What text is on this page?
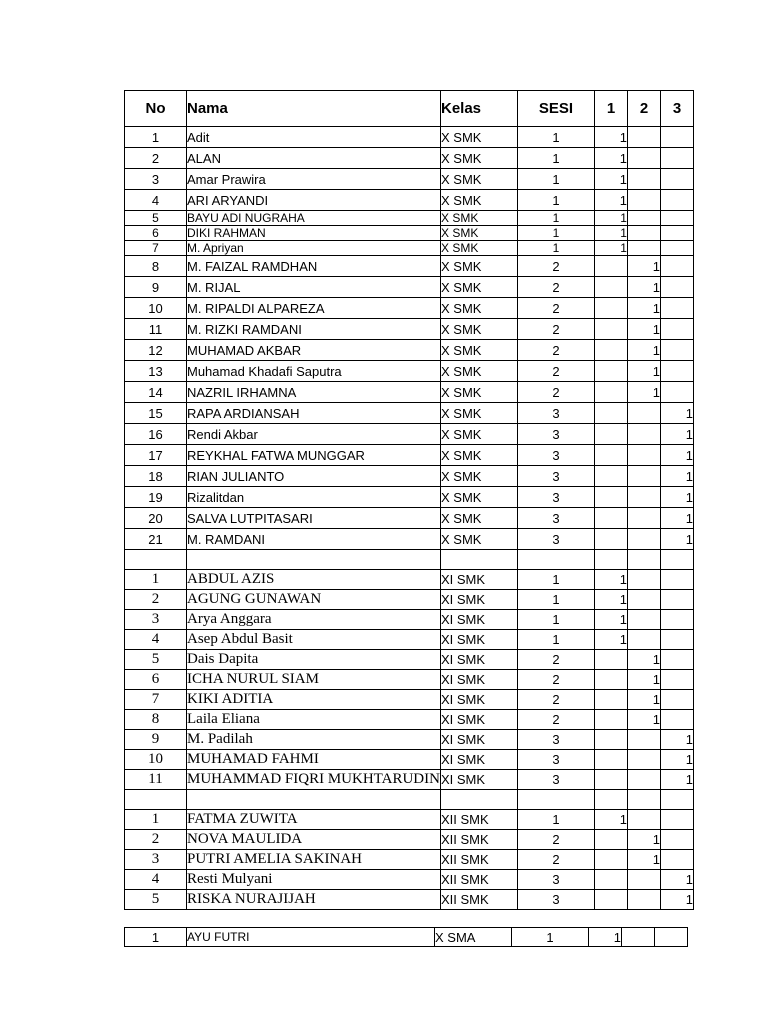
No	Nama	Kelas	SESI	1	2	3
1	Adit	X SMK	1	1		
2	ALAN	X SMK	1	1		
3	Amar Prawira	X SMK	1	1		
4	ARI ARYANDI	X SMK	1	1		
5	BAYU ADI NUGRAHA	X SMK	1	1		
6	DIKI RAHMAN	X SMK	1	1		
7	M. Apriyan	X SMK	1	1		
8	M. FAIZAL RAMDHAN	X SMK	2		1	
9	M. RIJAL	X SMK	2		1	
10	M. RIPALDI ALPAREZA	X SMK	2		1	
11	M. RIZKI RAMDANI	X SMK	2		1	
12	MUHAMAD AKBAR	X SMK	2		1	
13	Muhamad Khadafi Saputra	X SMK	2		1	
14	NAZRIL IRHAMNA	X SMK	2		1	
15	RAPA ARDIANSAH	X SMK	3			1
16	Rendi Akbar	X SMK	3			1
17	REYKHAL FATWA MUNGGAR	X SMK	3			1
18	RIAN JULIANTO	X SMK	3			1
19	Rizalitdan	X SMK	3			1
20	SALVA LUTPITASARI	X SMK	3			1
21	M. RAMDANI	X SMK	3			1

1	ABDUL AZIS	XI SMK	1	1		
2	AGUNG GUNAWAN	XI SMK	1	1		
3	Arya Anggara	XI SMK	1	1		
4	Asep Abdul Basit	XI SMK	1	1		
5	Dais Dapita	XI SMK	2		1	
6	ICHA NURUL SIAM	XI SMK	2		1	
7	KIKI ADITIA	XI SMK	2		1	
8	Laila Eliana	XI SMK	2		1	
9	M. Padilah	XI SMK	3			1
10	MUHAMAD FAHMI	XI SMK	3			1
11	MUHAMMAD FIQRI MUKHTARUDIN	XI SMK	3			1

1	FATMA ZUWITA	XII SMK	1	1		
2	NOVA MAULIDA	XII SMK	2		1	
3	PUTRI AMELIA SAKINAH	XII SMK	2		1	
4	Resti Mulyani	XII SMK	3			1
5	RISKA NURAJIJAH	XII SMK	3			1
1	AYU FUTRI	X SMA	1	1		
